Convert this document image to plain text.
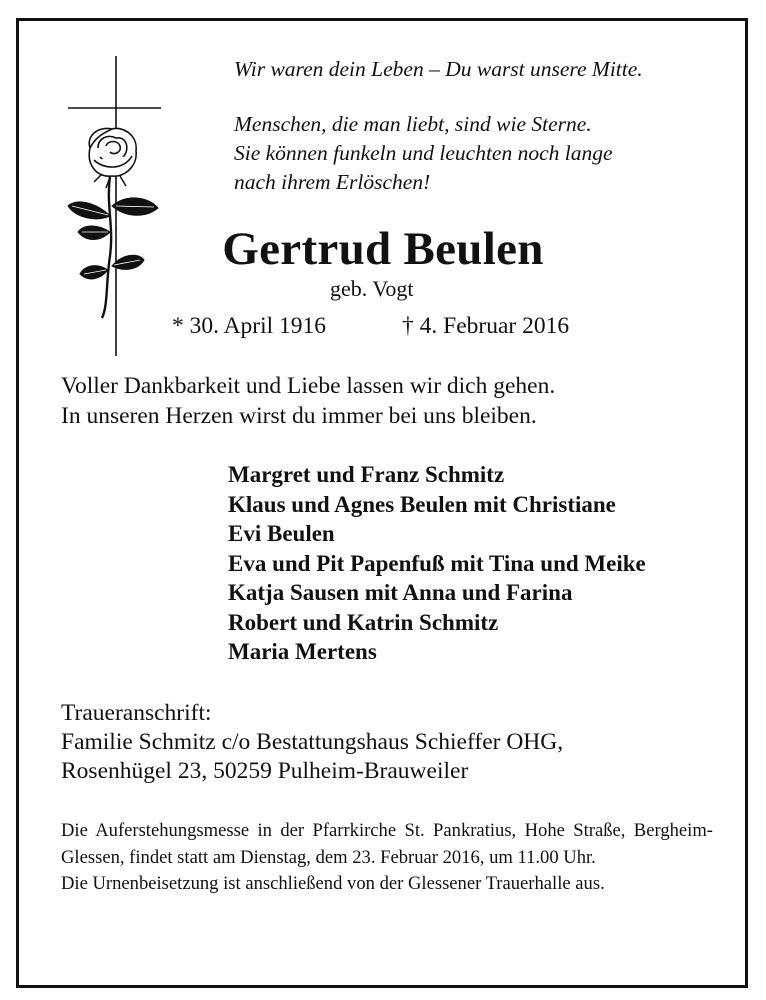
Wir waren dein Leben – Du warst unsere Mitte.
Menschen, die man liebt, sind wie Sterne.
Sie können funkeln und leuchten noch lange
nach ihrem Erlöschen!
Gertrud Beulen
geb. Vogt
* 30. April 1916	† 4. Februar 2016
Voller Dankbarkeit und Liebe lassen wir dich gehen.
In unseren Herzen wirst du immer bei uns bleiben.
Margret und Franz Schmitz
Klaus und Agnes Beulen mit Christiane
Evi Beulen
Eva und Pit Papenfuß mit Tina und Meike
Katja Sausen mit Anna und Farina
Robert und Katrin Schmitz
Maria Mertens
Traueranschrift:
Familie Schmitz c/o Bestattungshaus Schieffer OHG,
Rosenhügel 23, 50259 Pulheim-Brauweiler

Die Auferstehungsmesse in der Pfarrkirche St. Pankratius, Hohe Straße, Bergheim-Glessen, findet statt am Dienstag, dem 23. Februar 2016, um 11.00 Uhr.

Die Urnenbeisetzung ist anschließend von der Glessener Trauerhalle aus.
